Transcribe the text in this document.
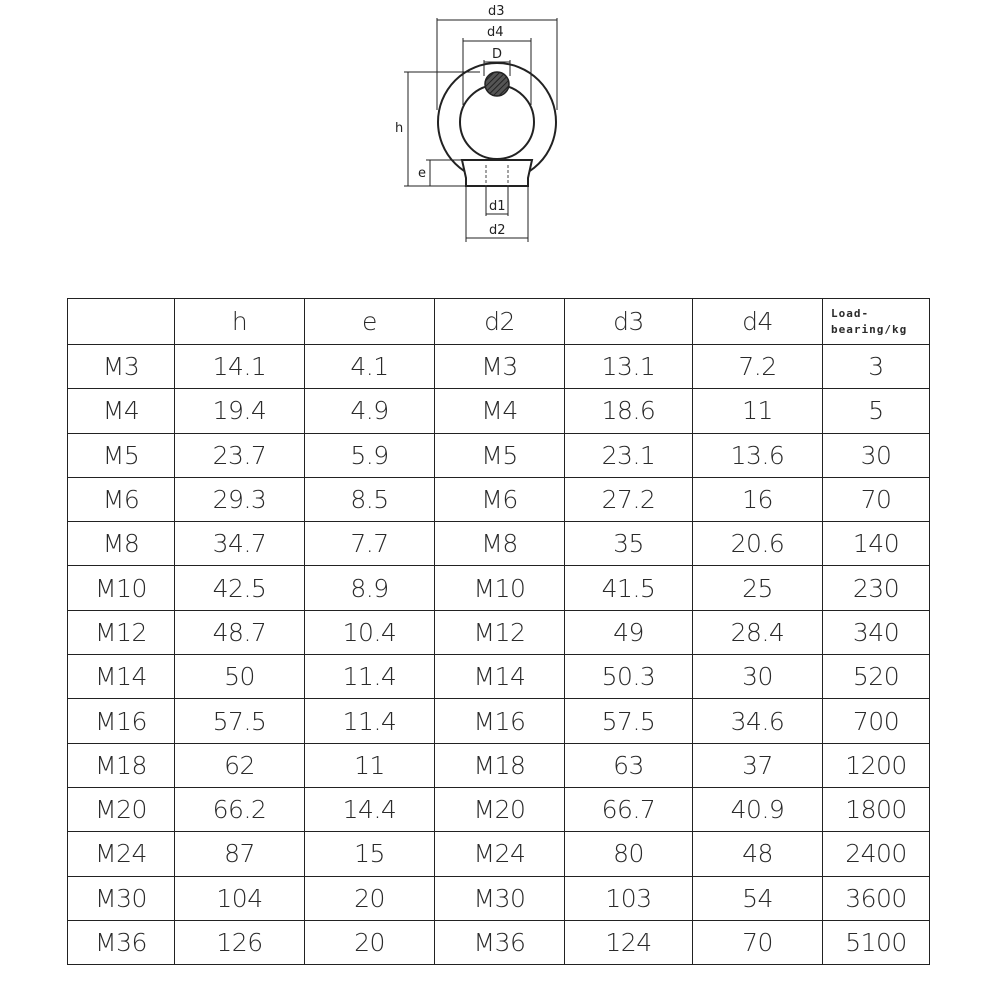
d3
d4
D
h
e
d1
d2
	h	e	d2	d3	d4	Load-
bearing/kg

M3	14.1	4.1	M3	13.1	7.2	3
M4	19.4	4.9	M4	18.6	11	5
M5	23.7	5.9	M5	23.1	13.6	30
M6	29.3	8.5	M6	27.2	16	70
M8	34.7	7.7	M8	35	20.6	140
M10	42.5	8.9	M10	41.5	25	230
M12	48.7	10.4	M12	49	28.4	340
M14	50	11.4	M14	50.3	30	520
M16	57.5	11.4	M16	57.5	34.6	700
M18	62	11	M18	63	37	1200
M20	66.2	14.4	M20	66.7	40.9	1800
M24	87	15	M24	80	48	2400
M30	104	20	M30	103	54	3600
M36	126	20	M36	124	70	5100
